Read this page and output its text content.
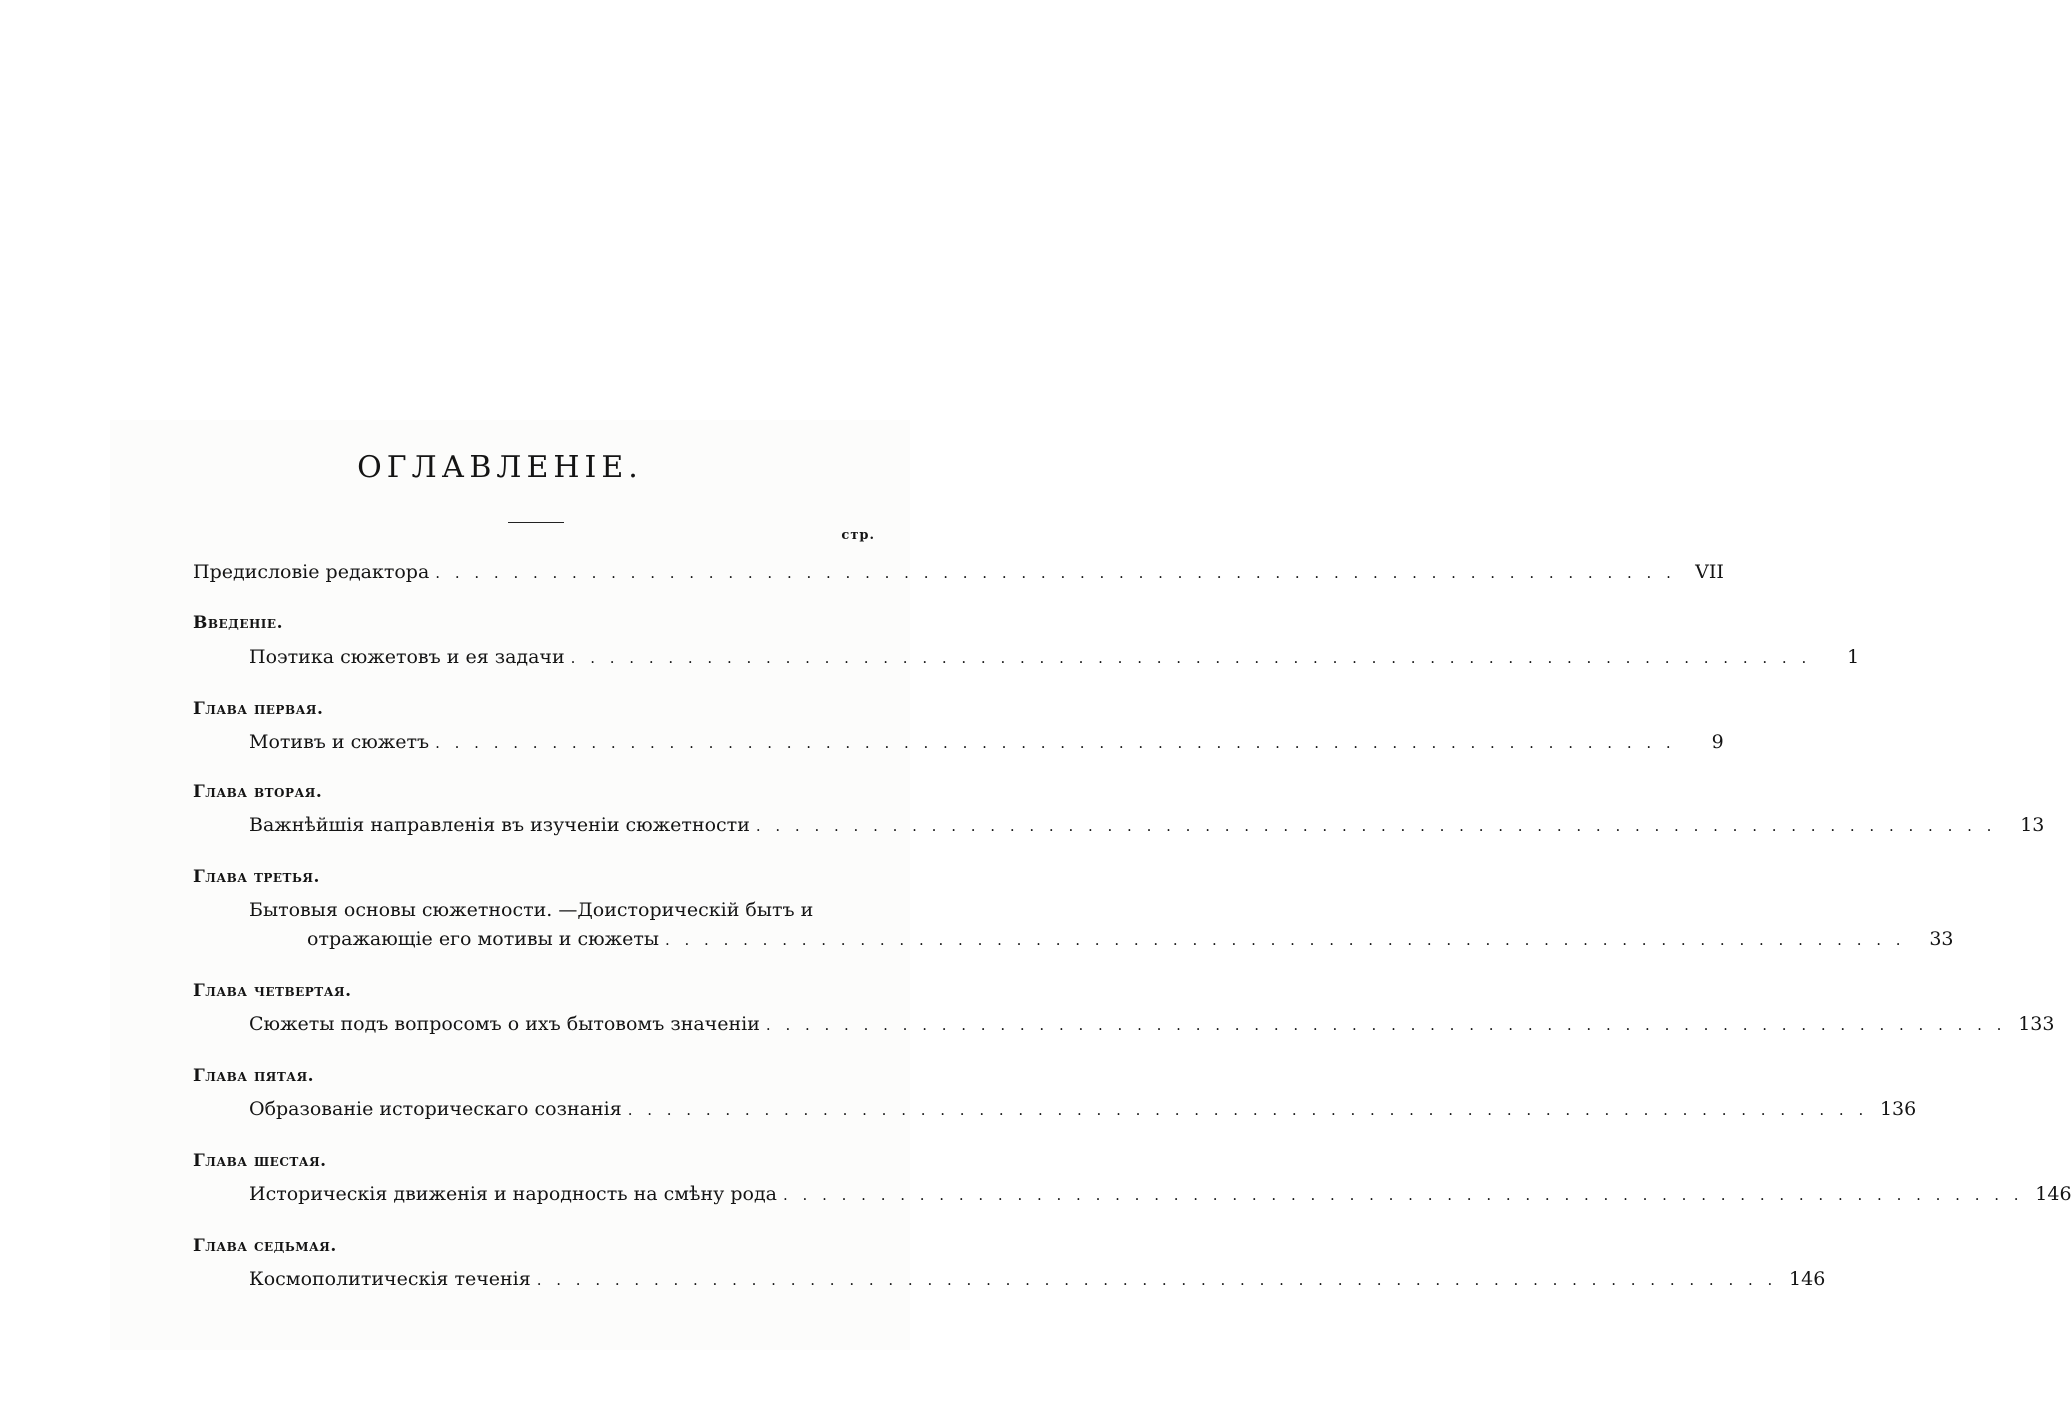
ОГЛАВЛЕНІЕ.
стр.
Предисловіе редактора . . . . . . . . . . . . . . . . . . . . . . . . . . . . . . . . . . . . . . . . . . . . . . . . . . . . . . . . . . . . . . . .	VII
Введеніе.
Поэтика сюжетовъ и ея задачи . . . . . . . . . . . . . . . . . . . . . . . . . . . . . . . . . . . . . . . . . . . . . . . . . . . . . . . . . . . . . . . .	1
Глава первая.
Мотивъ и сюжетъ . . . . . . . . . . . . . . . . . . . . . . . . . . . . . . . . . . . . . . . . . . . . . . . . . . . . . . . . . . . . . . . .	9
Глава вторая.
Важнѣйшія направленія въ изученіи сюжетности . . . . . . . . . . . . . . . . . . . . . . . . . . . . . . . . . . . . . . . . . . . . . . . . . . . . . . . . . . . . . . . .	13
Глава третья.
Бытовыя основы сюжетности. —Доисторическій бытъ и
отражающіе его мотивы и сюжеты . . . . . . . . . . . . . . . . . . . . . . . . . . . . . . . . . . . . . . . . . . . . . . . . . . . . . . . . . . . . . . . .	33
Глава четвертая.
Сюжеты подъ вопросомъ о ихъ бытовомъ значеніи . . . . . . . . . . . . . . . . . . . . . . . . . . . . . . . . . . . . . . . . . . . . . . . . . . . . . . . . . . . . . . . . 133
Глава пятая.
Образованіе историческаго сознанія . . . . . . . . . . . . . . . . . . . . . . . . . . . . . . . . . . . . . . . . . . . . . . . . . . . . . . . . . . . . . . . . 136
Глава шестая.
Историческія движенія и народность на смѣну рода . . . . . . . . . . . . . . . . . . . . . . . . . . . . . . . . . . . . . . . . . . . . . . . . . . . . . . . . . . . . . . . . 146
Глава седьмая.
Космополитическія теченія . . . . . . . . . . . . . . . . . . . . . . . . . . . . . . . . . . . . . . . . . . . . . . . . . . . . . . . . . . . . . . . . 146
